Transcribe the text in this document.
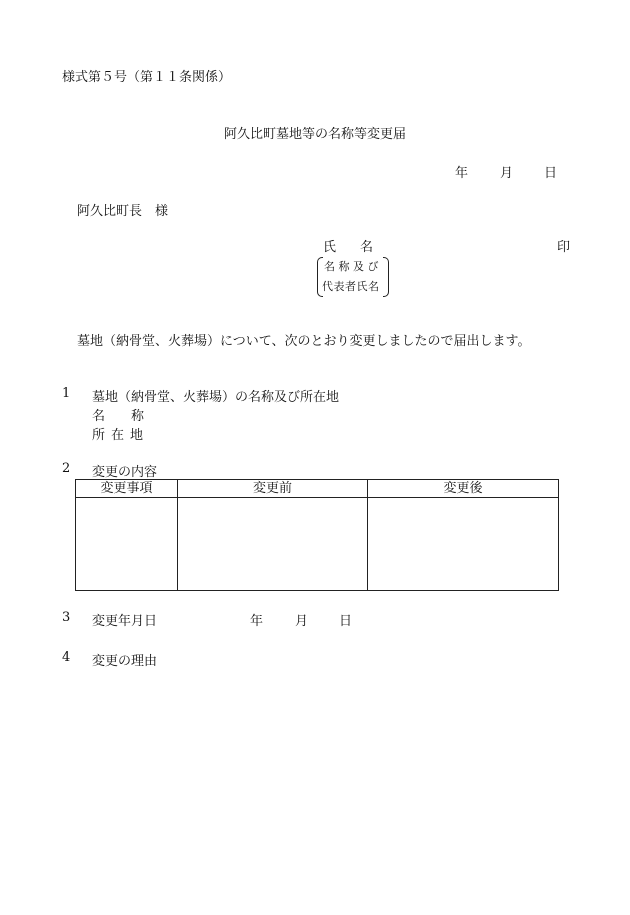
様式第５号（第１１条関係）
阿久比町墓地等の名称等変更届
年 月 日
阿久比町長　様
氏 名	印
名称及び
代表者氏名
墓地（納骨堂、火葬場）について、次のとおり変更しましたので届出します。
1 墓地（納骨堂、火葬場）の名称及び所在地
名 称
所在地
2 変更の内容
変更事項	変更前	変更後

3 変更年月日	年 月 日
4 変更の理由
